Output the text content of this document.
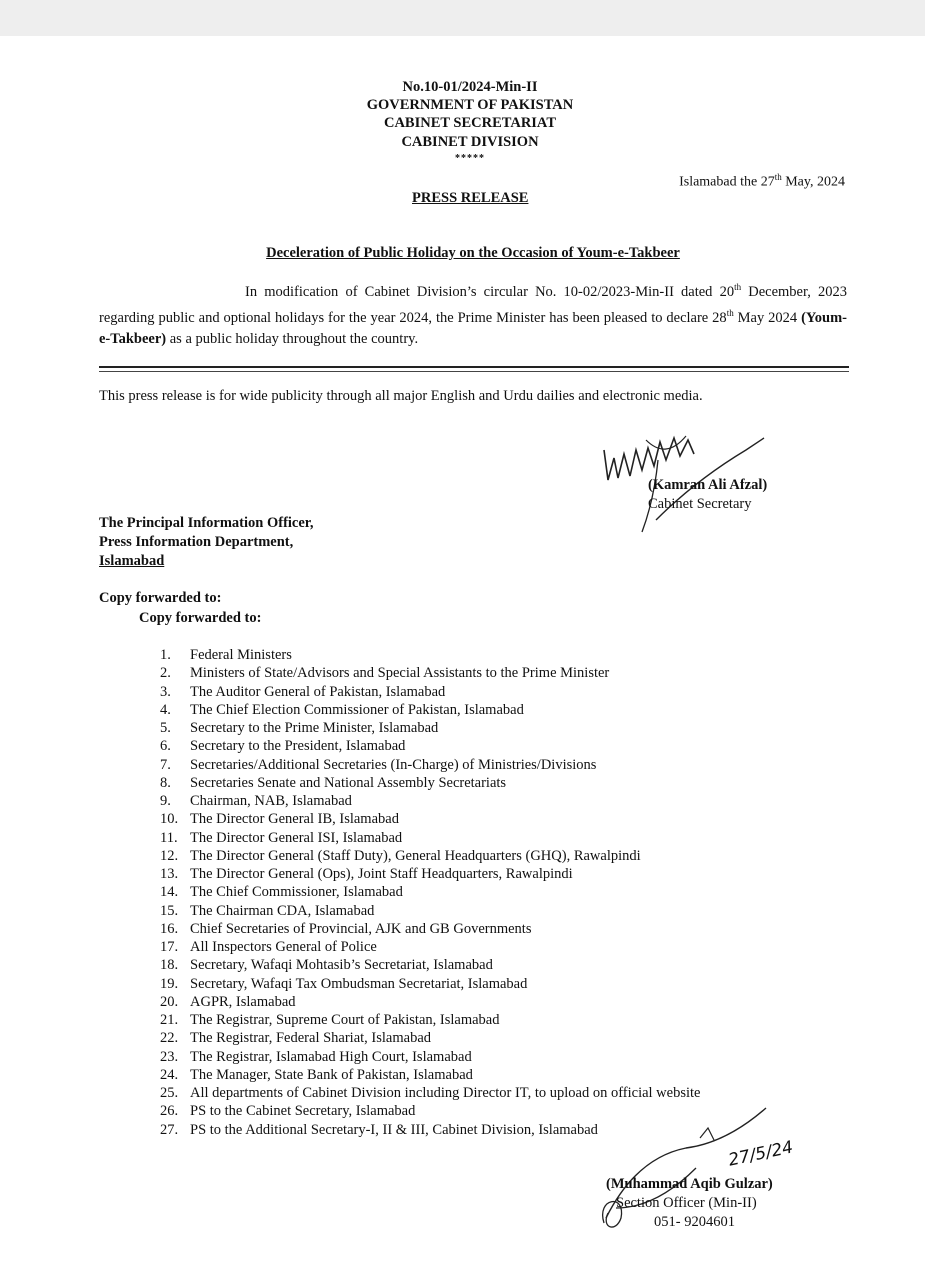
No.10-01/2024-Min-II
GOVERNMENT OF PAKISTAN
CABINET SECRETARIAT
CABINET DIVISION
*****
Islamabad the 27th May, 2024
PRESS RELEASE
Deceleration of Public Holiday on the Occasion of Youm-e-Takbeer
In modification of Cabinet Division’s circular No. 10-02/2023-Min-II dated 20th December, 2023 regarding public and optional holidays for the year 2024, the Prime Minister has been pleased to declare 28th May 2024 (Youm-e-Takbeer) as a public holiday throughout the country.
This press release is for wide publicity through all major English and Urdu dailies and electronic media.
(Kamran Ali Afzal)
Cabinet Secretary
The Principal Information Officer,
Press Information Department,
Islamabad
Copy forwarded to:
Copy forwarded to:
1. Federal Ministers
2. Ministers of State/Advisors and Special Assistants to the Prime Minister
3. The Auditor General of Pakistan, Islamabad
4. The Chief Election Commissioner of Pakistan, Islamabad
5. Secretary to the Prime Minister, Islamabad
6. Secretary to the President, Islamabad
7. Secretaries/Additional Secretaries (In-Charge) of Ministries/Divisions
8. Secretaries Senate and National Assembly Secretariats
9. Chairman, NAB, Islamabad
10. The Director General IB, Islamabad
11. The Director General ISI, Islamabad
12. The Director General (Staff Duty), General Headquarters (GHQ), Rawalpindi
13. The Director General (Ops), Joint Staff Headquarters, Rawalpindi
14. The Chief Commissioner, Islamabad
15. The Chairman CDA, Islamabad
16. Chief Secretaries of Provincial, AJK and GB Governments
17. All Inspectors General of Police
18. Secretary, Wafaqi Mohtasib’s Secretariat, Islamabad
19. Secretary, Wafaqi Tax Ombudsman Secretariat, Islamabad
20. AGPR, Islamabad
21. The Registrar, Supreme Court of Pakistan, Islamabad
22. The Registrar, Federal Shariat, Islamabad
23. The Registrar, Islamabad High Court, Islamabad
24. The Manager, State Bank of Pakistan, Islamabad
25. All departments of Cabinet Division including Director IT, to upload on official website
26. PS to the Cabinet Secretary, Islamabad
27. PS to the Additional Secretary-I, II & III, Cabinet Division, Islamabad
27/5/24
(Muhammad Aqib Gulzar)
Section Officer (Min-II)
051- 9204601
